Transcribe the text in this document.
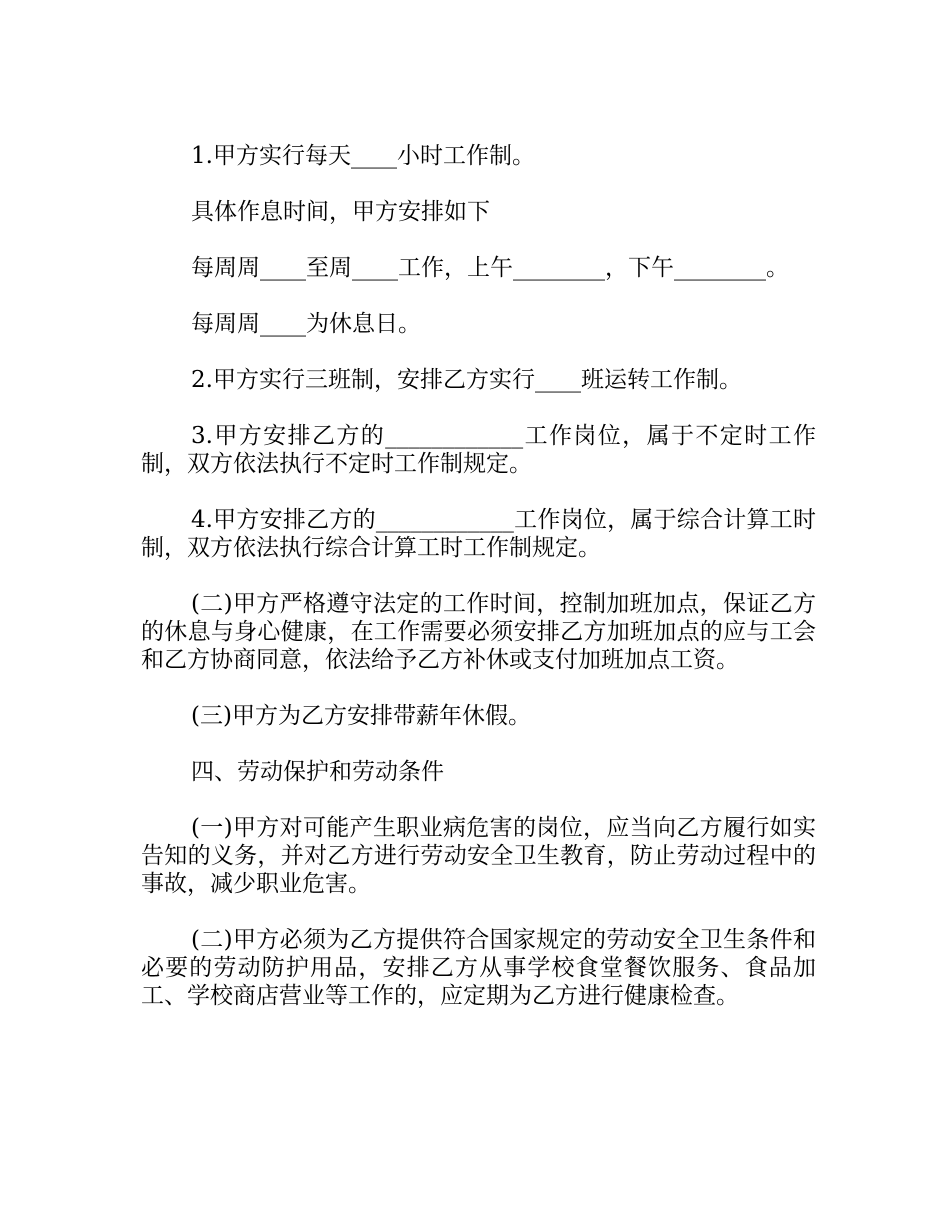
1.甲方实行每天____小时工作制。

具体作息时间，甲方安排如下

每周周____至周____工作，上午________，下午________。

每周周____为休息日。

2.甲方实行三班制，安排乙方实行____班运转工作制。

3.甲方安排乙方的____________工作岗位，属于不定时工作制，双方依法执行不定时工作制规定。

4.甲方安排乙方的____________工作岗位，属于综合计算工时制，双方依法执行综合计算工时工作制规定。

(二)甲方严格遵守法定的工作时间，控制加班加点，保证乙方的休息与身心健康，在工作需要必须安排乙方加班加点的应与工会和乙方协商同意，依法给予乙方补休或支付加班加点工资。

(三)甲方为乙方安排带薪年休假。

四、劳动保护和劳动条件

(一)甲方对可能产生职业病危害的岗位，应当向乙方履行如实告知的义务，并对乙方进行劳动安全卫生教育，防止劳动过程中的事故，减少职业危害。

(二)甲方必须为乙方提供符合国家规定的劳动安全卫生条件和必要的劳动防护用品，安排乙方从事学校食堂餐饮服务、食品加工、学校商店营业等工作的，应定期为乙方进行健康检查。
